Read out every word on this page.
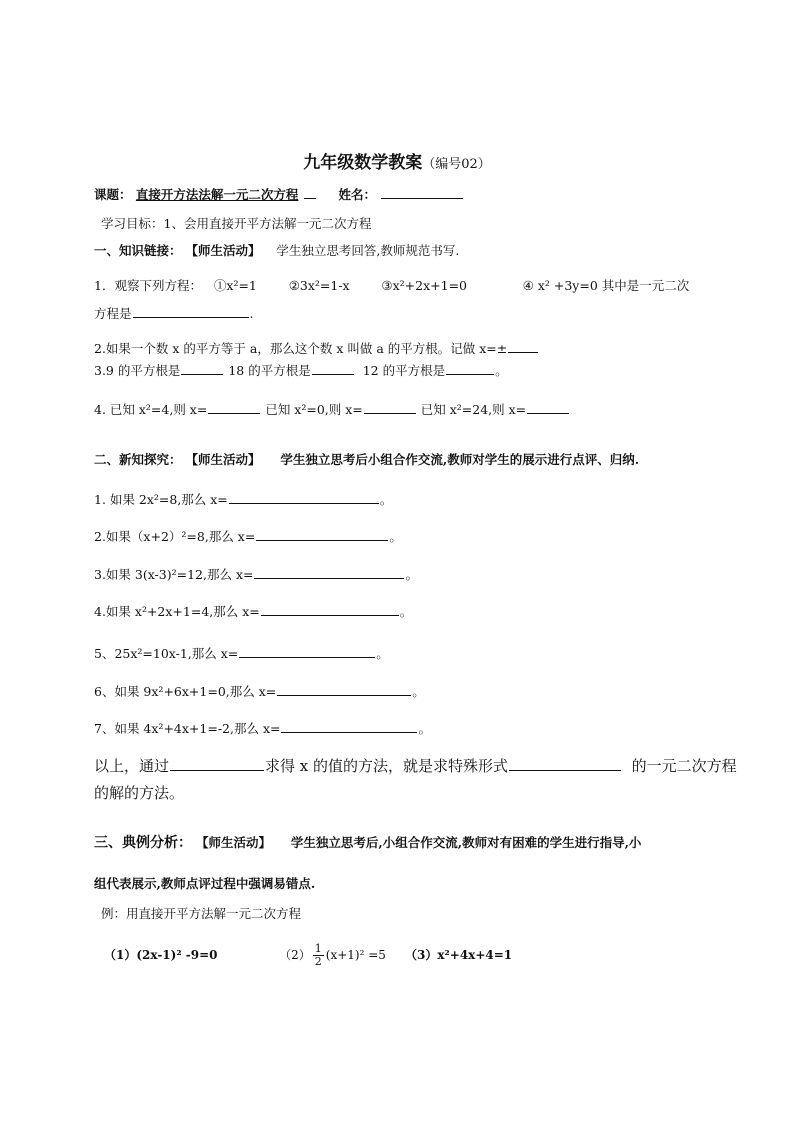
九年级数学教案（编号02）
课题： 直接开方法法解一元二次方程	姓名：
学习目标：1、会用直接开平方法解一元二次方程
一、知识链接： 【师生活动】 学生独立思考回答,教师规范书写.
1．观察下列方程： ①x²=1	②3x²=1-x	③x²+2x+1=0	④ x² +3y=0 其中是一元二次
方程是	.
2.如果一个数 x 的平方等于 a，那么这个数 x 叫做 a 的平方根。记做 x=±
3.9 的平方根是	18 的平方根是	12 的平方根是	。
4. 已知 x²=4,则 x=	已知 x²=0,则 x=	已知 x²=24,则 x=
二、新知探究： 【师生活动】 学生独立思考后小组合作交流,教师对学生的展示进行点评、归纳.
1. 如果 2x²=8,那么 x=	。
2.如果（x+2）²=8,那么 x=	。
3.如果 3(x-3)²=12,那么 x=	。
4.如果 x²+2x+1=4,那么 x=	。
5、25x²=10x-1,那么 x=	。
6、如果 9x²+6x+1=0,那么 x=	。
7、如果 4x²+4x+1=-2,那么 x=	。
以上，通过	求得 x 的值的方法，就是求特殊形式	的一元二次方程
的解的方法。
三、典例分析： 【师生活动】 学生独立思考后,小组合作交流,教师对有困难的学生进行指导,小
组代表展示,教师点评过程中强调易错点.
例：用直接开平方法解一元二次方程
（1）(2x-1)² -9=0	$(2) \frac{1}{2} (x+1)^2 =5$ （3）x²+4x+4=1
